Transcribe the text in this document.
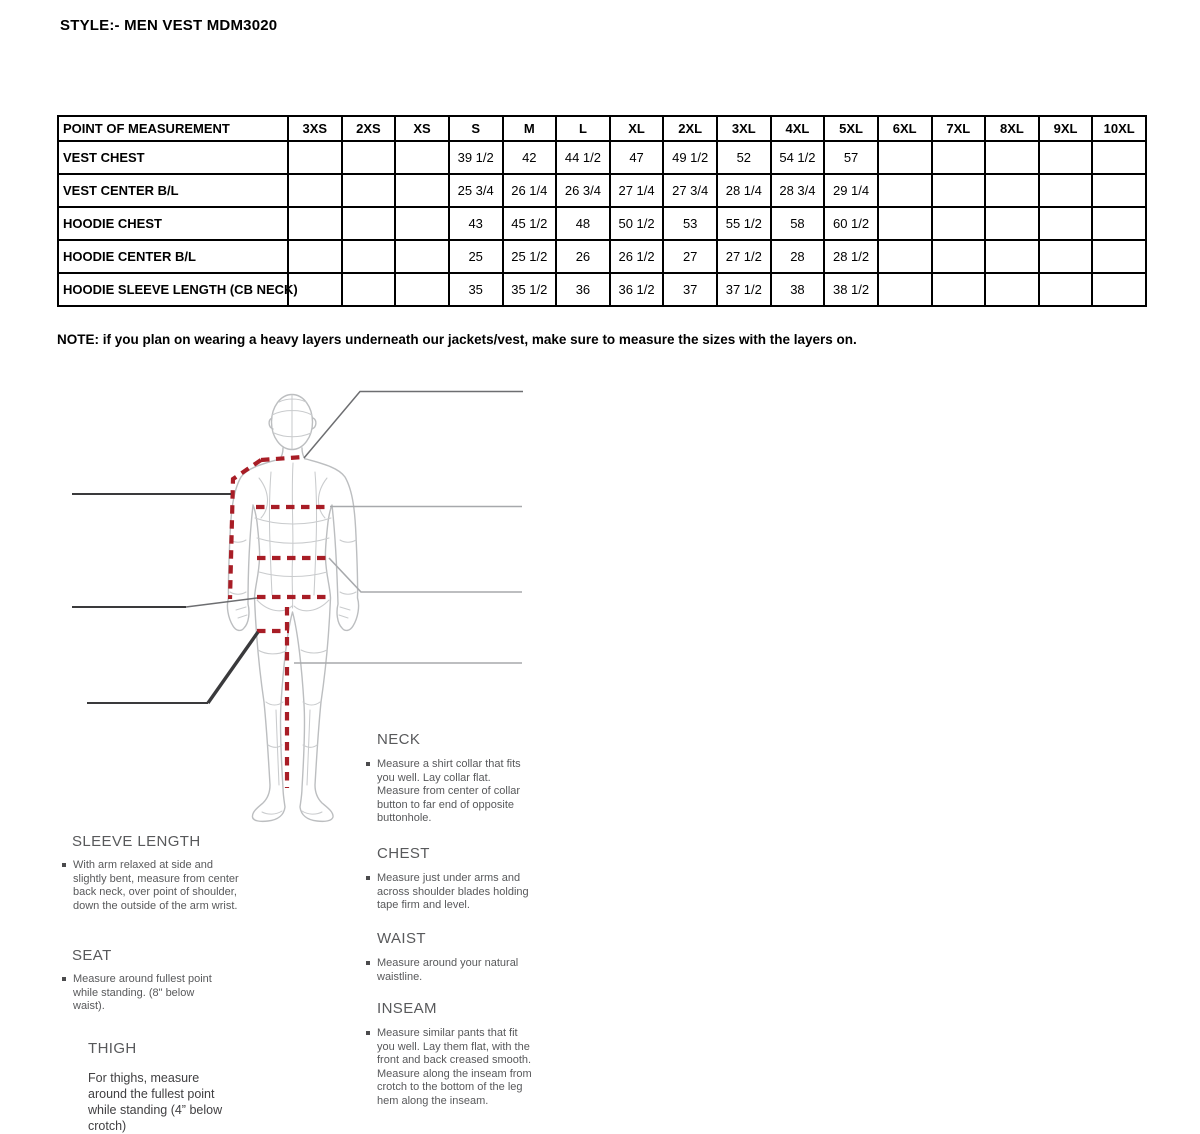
STYLE:- MEN VEST MDM3020
POINT OF MEASUREMENT	3XS	2XS	XS	S	M	L	XL	2XL	3XL	4XL	5XL	6XL	7XL	8XL	9XL	10XL
VEST CHEST				39 1/2	42	44 1/2	47	49 1/2	52	54 1/2	57					
VEST CENTER B/L				25 3/4	26 1/4	26 3/4	27 1/4	27 3/4	28 1/4	28 3/4	29 1/4					
HOODIE CHEST				43	45 1/2	48	50 1/2	53	55 1/2	58	60 1/2					
HOODIE CENTER B/L				25	25 1/2	26	26 1/2	27	27 1/2	28	28 1/2					
HOODIE SLEEVE LENGTH (CB NECK)				35	35 1/2	36	36 1/2	37	37 1/2	38	38 1/2					
NOTE: if you plan on wearing a heavy layers underneath our jackets/vest, make sure to measure the sizes with the layers on.
NECK

Measure a shirt collar that fits you well. Lay collar flat. Measure from center of collar button to far end of opposite buttonhole.

SLEEVE LENGTH

With arm relaxed at side and slightly bent, measure from center back neck, over point of shoulder, down the outside of the arm wrist.

CHEST

Measure just under arms and across shoulder blades holding tape firm and level.

WAIST

Measure around your natural waistline.

SEAT

Measure around fullest point while standing. (8" below waist).	INSEAM

Measure similar pants that fit you well. Lay them flat, with the front and back creased smooth. Measure along the inseam from crotch to the bottom of the leg hem along the inseam.

THIGH

For thighs, measure around the fullest point while standing (4” below crotch)
